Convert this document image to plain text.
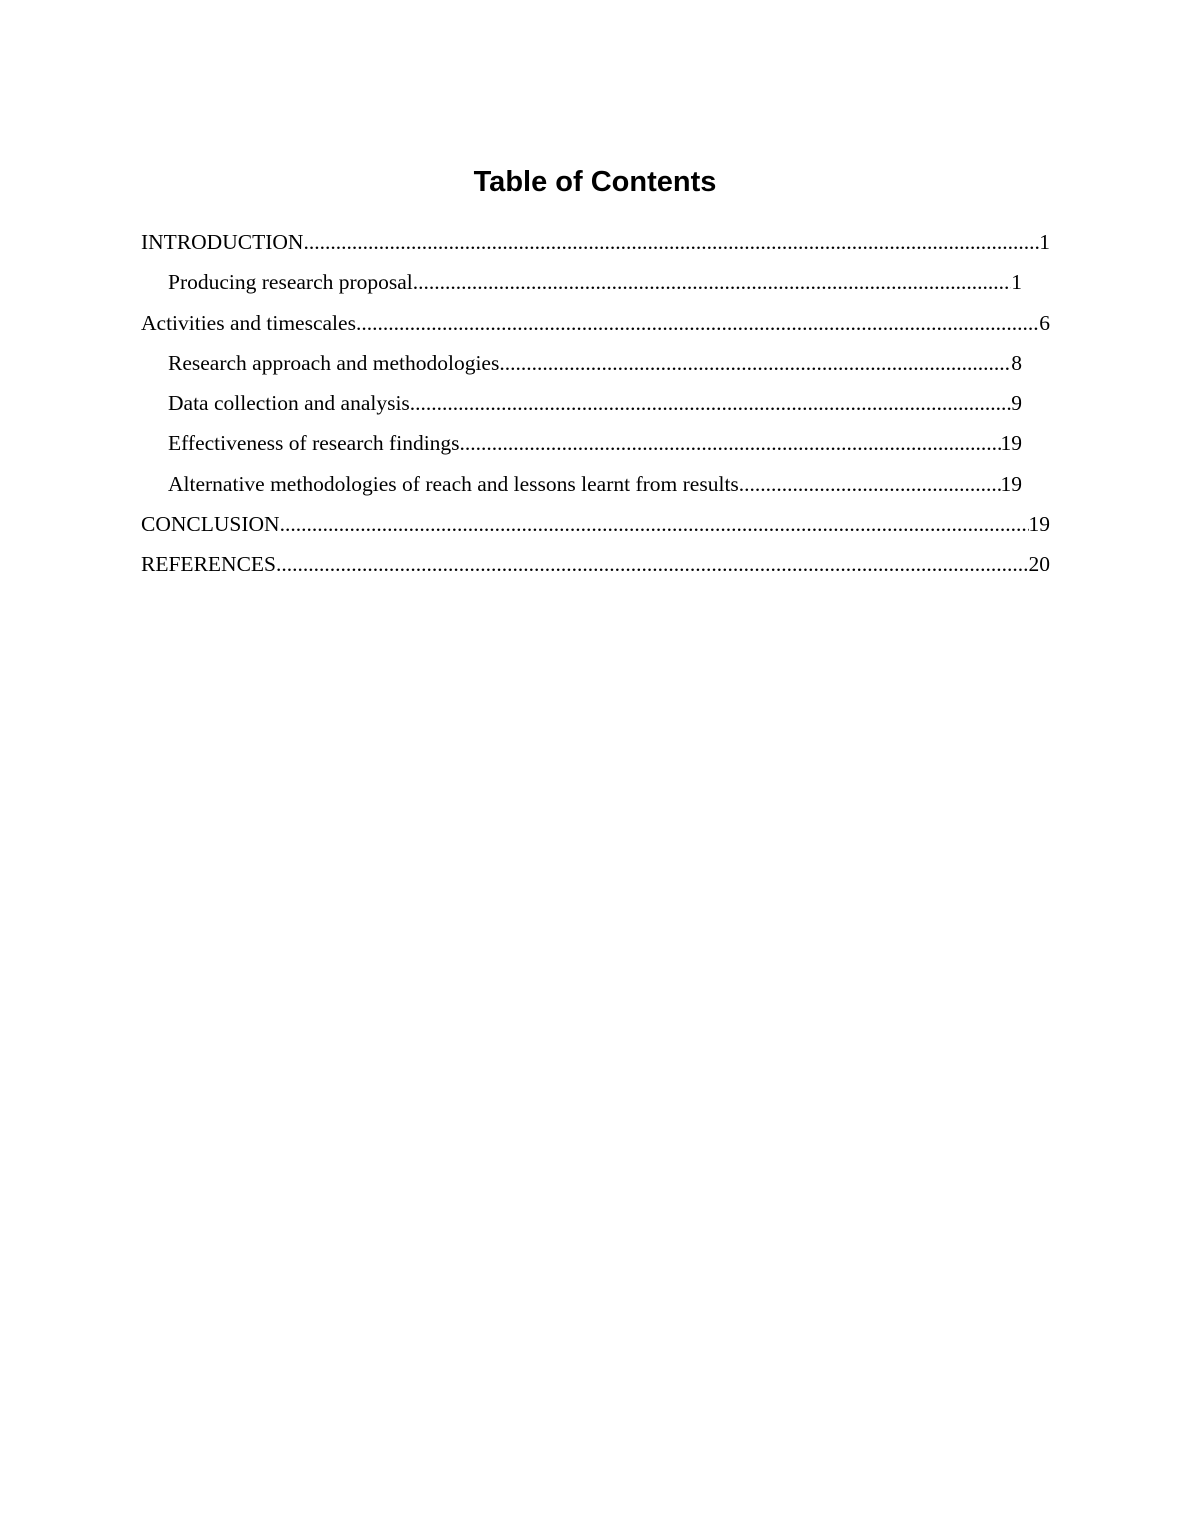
Table of Contents
INTRODUCTION .....	1
Producing research proposal .....	1
Activities and timescales .....	6
Research approach and methodologies .....	8
Data collection and analysis .....	9
Effectiveness of research findings .....	19
Alternative methodologies of reach and lessons learnt from results .....	19
CONCLUSION .....	19
REFERENCES .....	20
